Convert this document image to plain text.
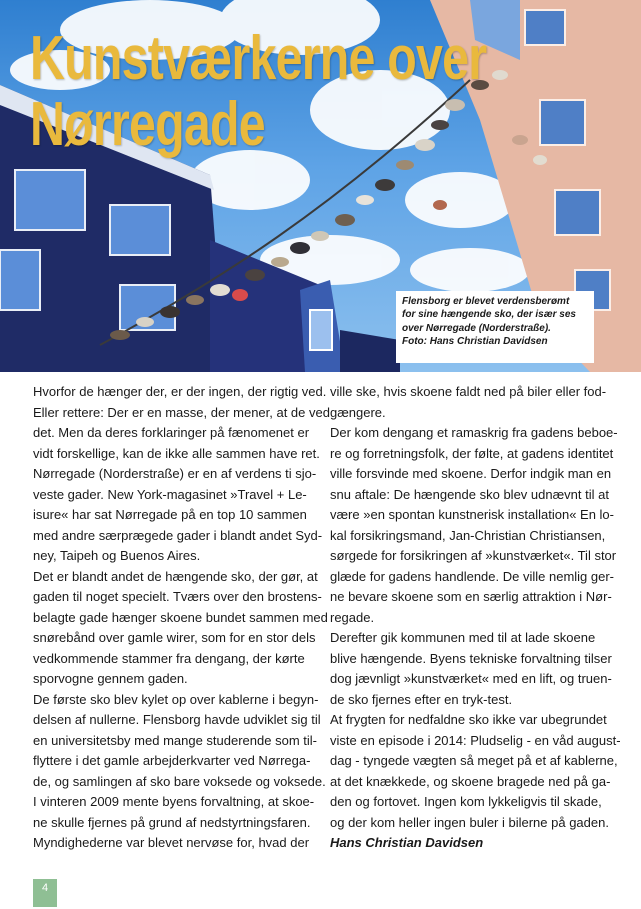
Kunstværkerne over
Nørregade
Flensborg er blevet verdensberømt
for sine hængende sko, der især ses
over Nørregade (Norderstraße).
Foto: Hans Christian Davidsen
Hvorfor de hænger der, er der ingen, der rigtig ved.
Eller rettere: Der er en masse, der mener, at de ved
det. Men da deres forklaringer på fænomenet er
vidt forskellige, kan de ikke alle sammen have ret.
Nørregade (Norderstraße) er en af verdens ti sjo-
veste gader. New York-magasinet »Travel + Le-
isure« har sat Nørregade på en top 10 sammen
med andre særprægede gader i blandt andet Syd-
ney, Taipeh og Buenos Aires.
Det er blandt andet de hængende sko, der gør, at
gaden til noget specielt. Tværs over den brostens-
belagte gade hænger skoene bundet sammen med
snørebånd over gamle wirer, som for en stor dels
vedkommende stammer fra dengang, der kørte
sporvogne gennem gaden.
De første sko blev kylet op over kablerne i begyn-
delsen af nullerne. Flensborg havde udviklet sig til
en universitetsby med mange studerende som til-
flyttere i det gamle arbejderkvarter ved Nørrega-
de, og samlingen af sko bare voksede og voksede.
I vinteren 2009 mente byens forvaltning, at skoe-
ne skulle fjernes på grund af nedstyrtningsfaren.
Myndighederne var blevet nervøse for, hvad der
ville ske, hvis skoene faldt ned på biler eller fod-
gængere.
Der kom dengang et ramaskrig fra gadens beboe-
re og forretningsfolk, der følte, at gadens identitet
ville forsvinde med skoene. Derfor indgik man en
snu aftale: De hængende sko blev udnævnt til at
være »en spontan kunstnerisk installation« En lo-
kal forsikringsmand, Jan-Christian Christiansen,
sørgede for forsikringen af »kunstværket«. Til stor
glæde for gadens handlende. De ville nemlig ger-
ne bevare skoene som en særlig attraktion i Nør-
regade.
Derefter gik kommunen med til at lade skoene
blive hængende. Byens tekniske forvaltning tilser
dog jævnligt »kunstværket« med en lift, og truen-
de sko fjernes efter en tryk-test.
At frygten for nedfaldne sko ikke var ubegrundet
viste en episode i 2014: Pludselig - en våd august-
dag - tyngede vægten så meget på et af kablerne,
at det knækkede, og skoene bragede ned på ga-
den og fortovet. Ingen kom lykkeligvis til skade,
og der kom heller ingen buler i bilerne på gaden.
Hans Christian Davidsen
4
